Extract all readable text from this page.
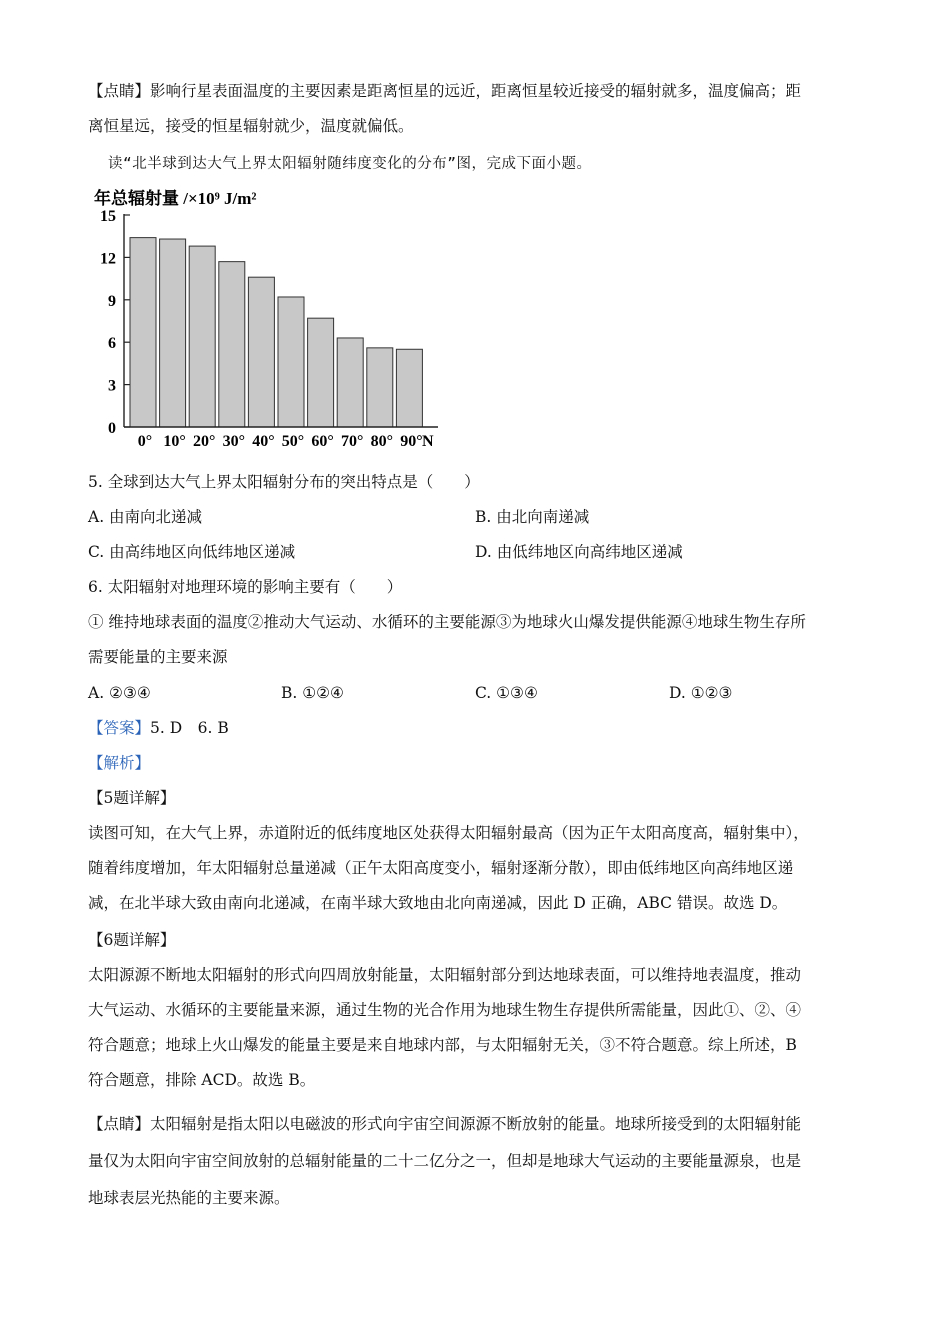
【点睛】影响行星表面温度的主要因素是距离恒星的远近，距离恒星较近接受的辐射就多，温度偏高；距
离恒星远，接受的恒星辐射就少，温度就偏低。
读“北半球到达大气上界太阳辐射随纬度变化的分布”图，完成下面小题。
年总辐射量 /×10⁹ J/m²
0
3
6
9
12
15
0° 10° 20° 30° 40° 50° 60° 70° 80° 90° N
5. 全球到达大气上界太阳辐射分布的突出特点是（　　）
A. 由南向北递减	B. 由北向南递减
C. 由高纬地区向低纬地区递减	D. 由低纬地区向高纬地区递减
6. 太阳辐射对地理环境的影响主要有（　　）
① 维持地球表面的温度②推动大气运动、水循环的主要能源③为地球火山爆发提供能源④地球生物生存所
需要能量的主要来源
A. ②③④	B. ①②④	C. ①③④	D. ①②③
【答案】5. D　6. B
【解析】
【5题详解】
读图可知，在大气上界，赤道附近的低纬度地区处获得太阳辐射最高（因为正午太阳高度高，辐射集中），
随着纬度增加，年太阳辐射总量递减（正午太阳高度变小，辐射逐渐分散），即由低纬地区向高纬地区递
减，在北半球大致由南向北递减，在南半球大致地由北向南递减，因此 D 正确，ABC 错误。故选 D。
【6题详解】
太阳源源不断地太阳辐射的形式向四周放射能量，太阳辐射部分到达地球表面，可以维持地表温度，推动
大气运动、水循环的主要能量来源，通过生物的光合作用为地球生物生存提供所需能量，因此①、②、④
符合题意；地球上火山爆发的能量主要是来自地球内部，与太阳辐射无关，③不符合题意。综上所述，B
符合题意，排除 ACD。故选 B。
【点睛】太阳辐射是指太阳以电磁波的形式向宇宙空间源源不断放射的能量。地球所接受到的太阳辐射能
量仅为太阳向宇宙空间放射的总辐射能量的二十二亿分之一，但却是地球大气运动的主要能量源泉，也是
地球表层光热能的主要来源。
